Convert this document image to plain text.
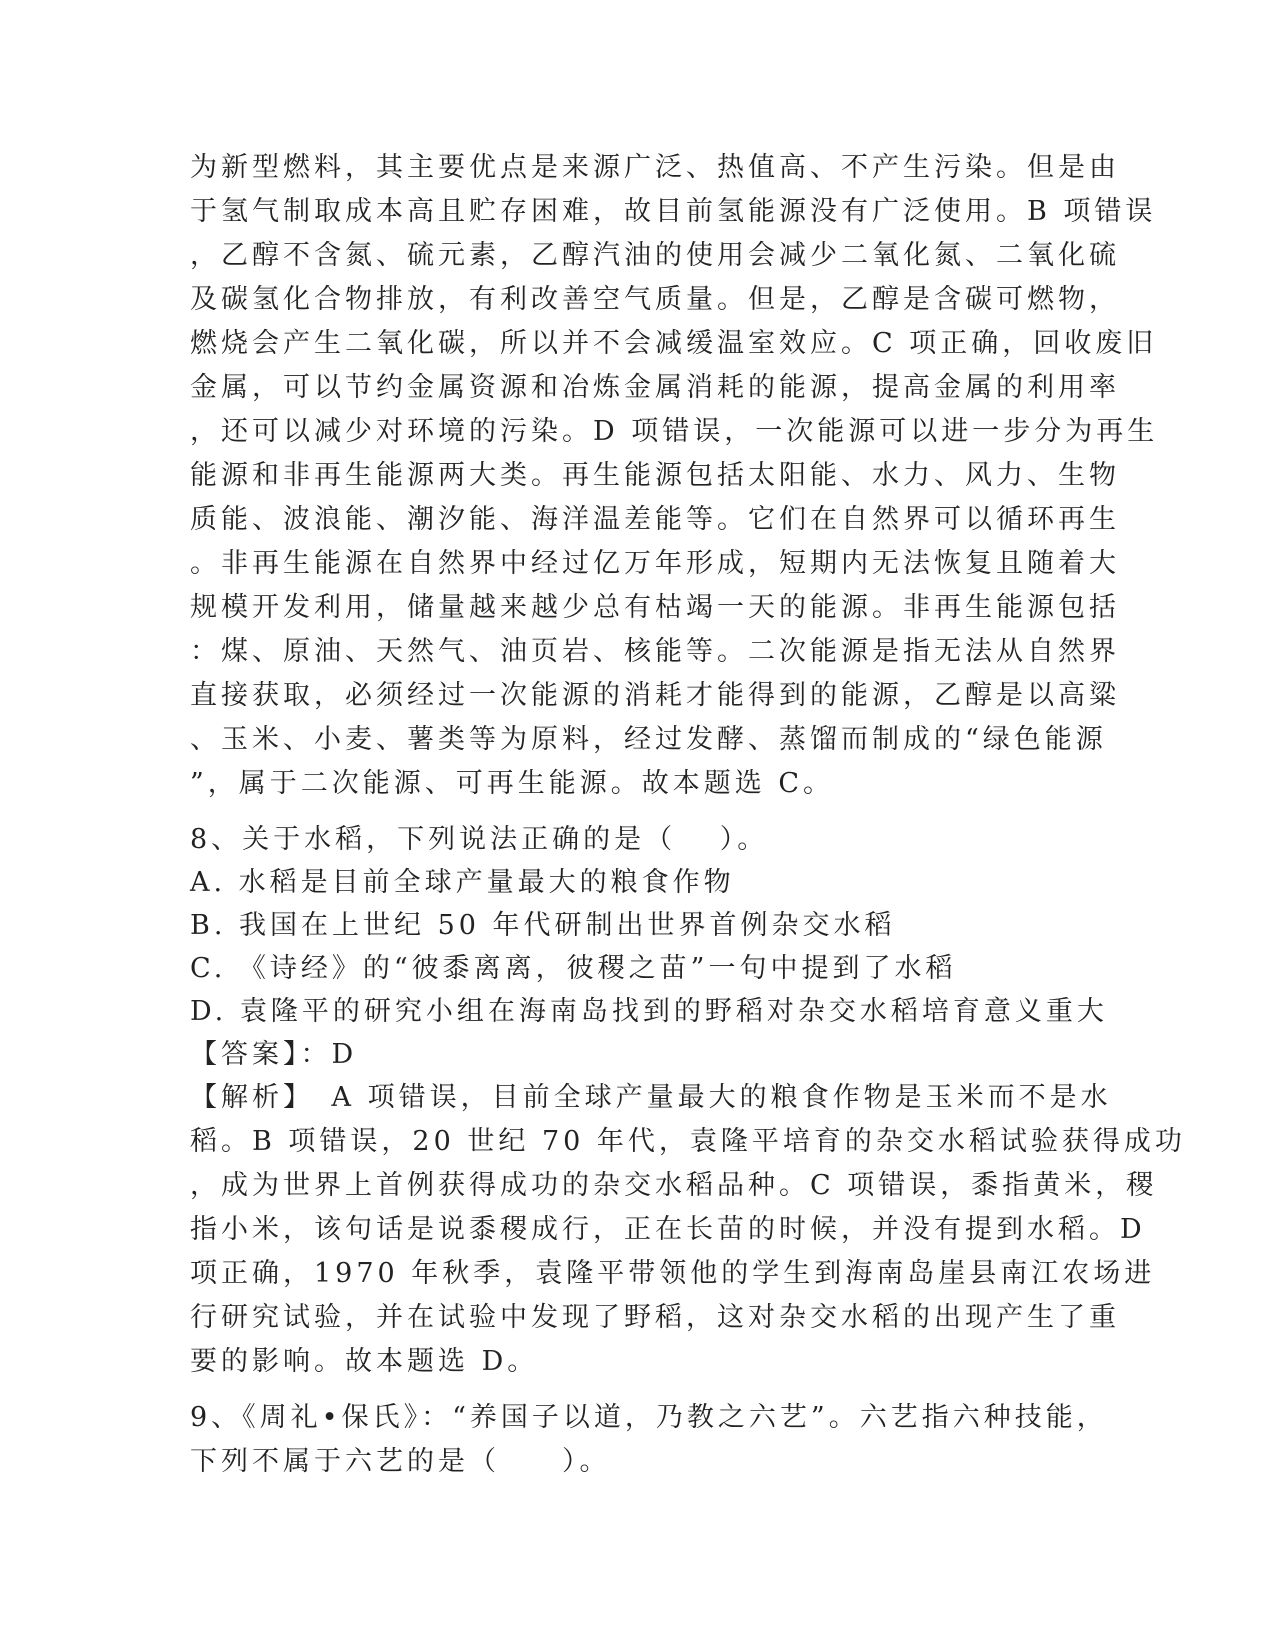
为新型燃料，其主要优点是来源广泛、热值高、不产生污染。但是由
于氢气制取成本高且贮存困难，故目前氢能源没有广泛使用。B 项错误
，乙醇不含氮、硫元素，乙醇汽油的使用会减少二氧化氮、二氧化硫
及碳氢化合物排放，有利改善空气质量。但是，乙醇是含碳可燃物，
燃烧会产生二氧化碳，所以并不会减缓温室效应。C 项正确，回收废旧
金属，可以节约金属资源和冶炼金属消耗的能源，提高金属的利用率
，还可以减少对环境的污染。D 项错误，一次能源可以进一步分为再生
能源和非再生能源两大类。再生能源包括太阳能、水力、风力、生物
质能、波浪能、潮汐能、海洋温差能等。它们在自然界可以循环再生
。非再生能源在自然界中经过亿万年形成，短期内无法恢复且随着大
规模开发利用，储量越来越少总有枯竭一天的能源。非再生能源包括
：煤、原油、天然气、油页岩、核能等。二次能源是指无法从自然界
直接获取，必须经过一次能源的消耗才能得到的能源，乙醇是以高粱
、玉米、小麦、薯类等为原料，经过发酵、蒸馏而制成的“绿色能源
”，属于二次能源、可再生能源。故本题选 C。
8、关于水稻，下列说法正确的是（　 ）。
A. 水稻是目前全球产量最大的粮食作物
B. 我国在上世纪 50 年代研制出世界首例杂交水稻
C. 《诗经》的“彼黍离离，彼稷之苗”一句中提到了水稻
D. 袁隆平的研究小组在海南岛找到的野稻对杂交水稻培育意义重大
【答案】：D
【解析】　A 项错误，目前全球产量最大的粮食作物是玉米而不是水
稻。B 项错误，20 世纪 70 年代，袁隆平培育的杂交水稻试验获得成功
，成为世界上首例获得成功的杂交水稻品种。C 项错误，黍指黄米，稷
指小米，该句话是说黍稷成行，正在长苗的时候，并没有提到水稻。D
项正确，1970 年秋季，袁隆平带领他的学生到海南岛崖县南江农场进
行研究试验，并在试验中发现了野稻，这对杂交水稻的出现产生了重
要的影响。故本题选 D。
9、《周礼•保氏》：“养国子以道，乃教之六艺”。六艺指六种技能，
下列不属于六艺的是（　　）。
